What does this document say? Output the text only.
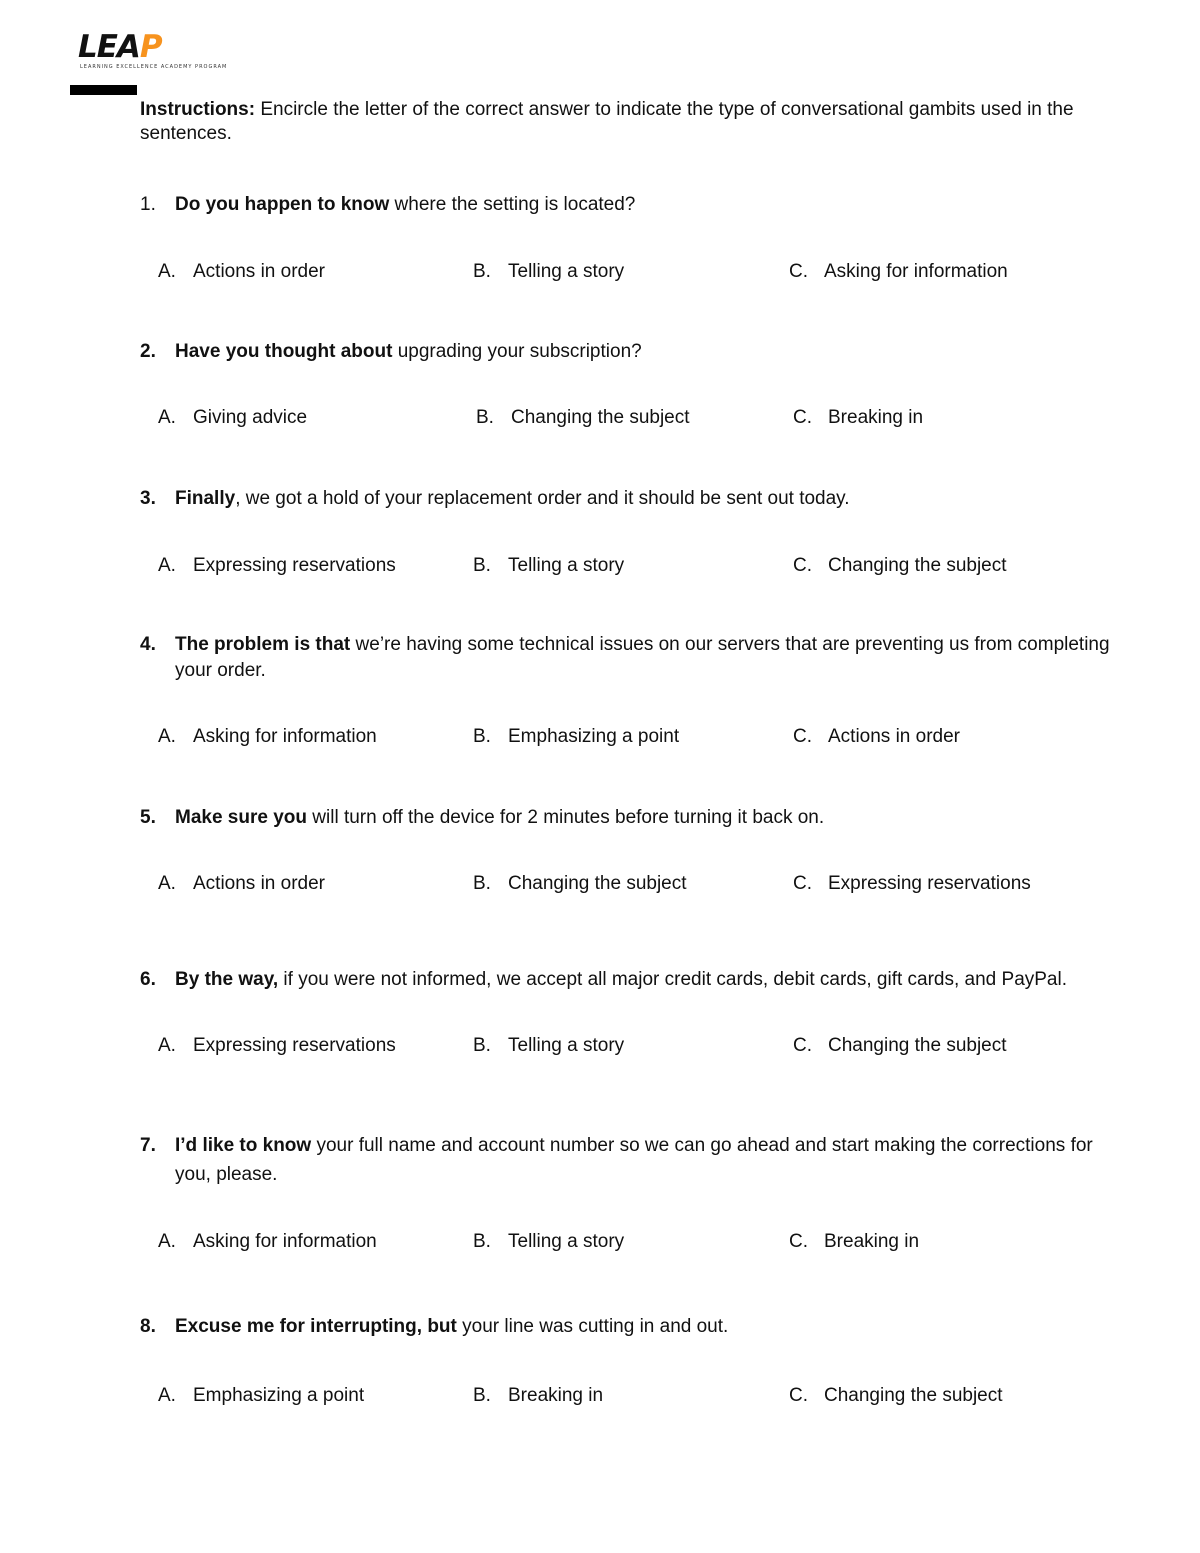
LEAP
LEARNING EXCELLENCE ACADEMY PROGRAM
Instructions: Encircle the letter of the correct answer to indicate the type of conversational gambits used in the sentences.
1.	Do you happen to know where the setting is located?
A. Actions in order	B. Telling a story	C. Asking for information
2.	Have you thought about upgrading your subscription?
A. Giving advice	B. Changing the subject	C. Breaking in
3.	Finally, we got a hold of your replacement order and it should be sent out today.
A. Expressing reservations	B. Telling a story	C. Changing the subject
4.	The problem is that we’re having some technical issues on our servers that are preventing us from completing your order.
A. Asking for information	B. Emphasizing a point	C. Actions in order
5.	Make sure you will turn off the device for 2 minutes before turning it back on.
A. Actions in order	B. Changing the subject	C. Expressing reservations
6.	By the way, if you were not informed, we accept all major credit cards, debit cards, gift cards, and PayPal.
A. Expressing reservations	B. Telling a story	C. Changing the subject
7.	I’d like to know your full name and account number so we can go ahead and start making the corrections for you, please.
A. Asking for information	B. Telling a story	C. Breaking in
8.	Excuse me for interrupting, but your line was cutting in and out.
A. Emphasizing a point	B. Breaking in	C. Changing the subject
